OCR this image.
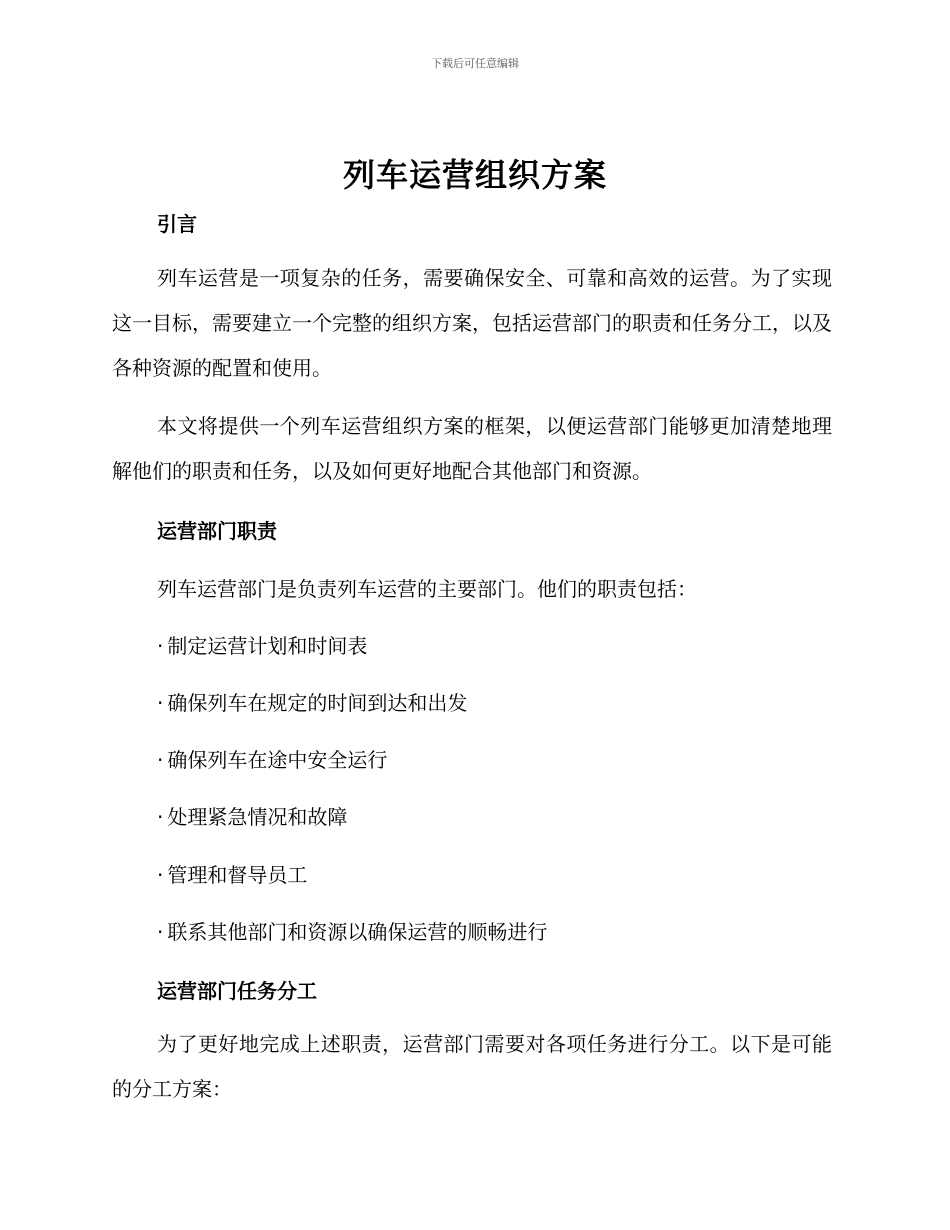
下载后可任意编辑
列车运营组织方案
引言

列车运营是一项复杂的任务，需要确保安全、可靠和高效的运营。为了实现这一目标，需要建立一个完整的组织方案，包括运营部门的职责和任务分工，以及各种资源的配置和使用。

本文将提供一个列车运营组织方案的框架，以便运营部门能够更加清楚地理解他们的职责和任务，以及如何更好地配合其他部门和资源。

运营部门职责

列车运营部门是负责列车运营的主要部门。他们的职责包括：

· 制定运营计划和时间表

· 确保列车在规定的时间到达和出发

· 确保列车在途中安全运行

· 处理紧急情况和故障

· 管理和督导员工

· 联系其他部门和资源以确保运营的顺畅进行

运营部门任务分工

为了更好地完成上述职责，运营部门需要对各项任务进行分工。以下是可能的分工方案：
